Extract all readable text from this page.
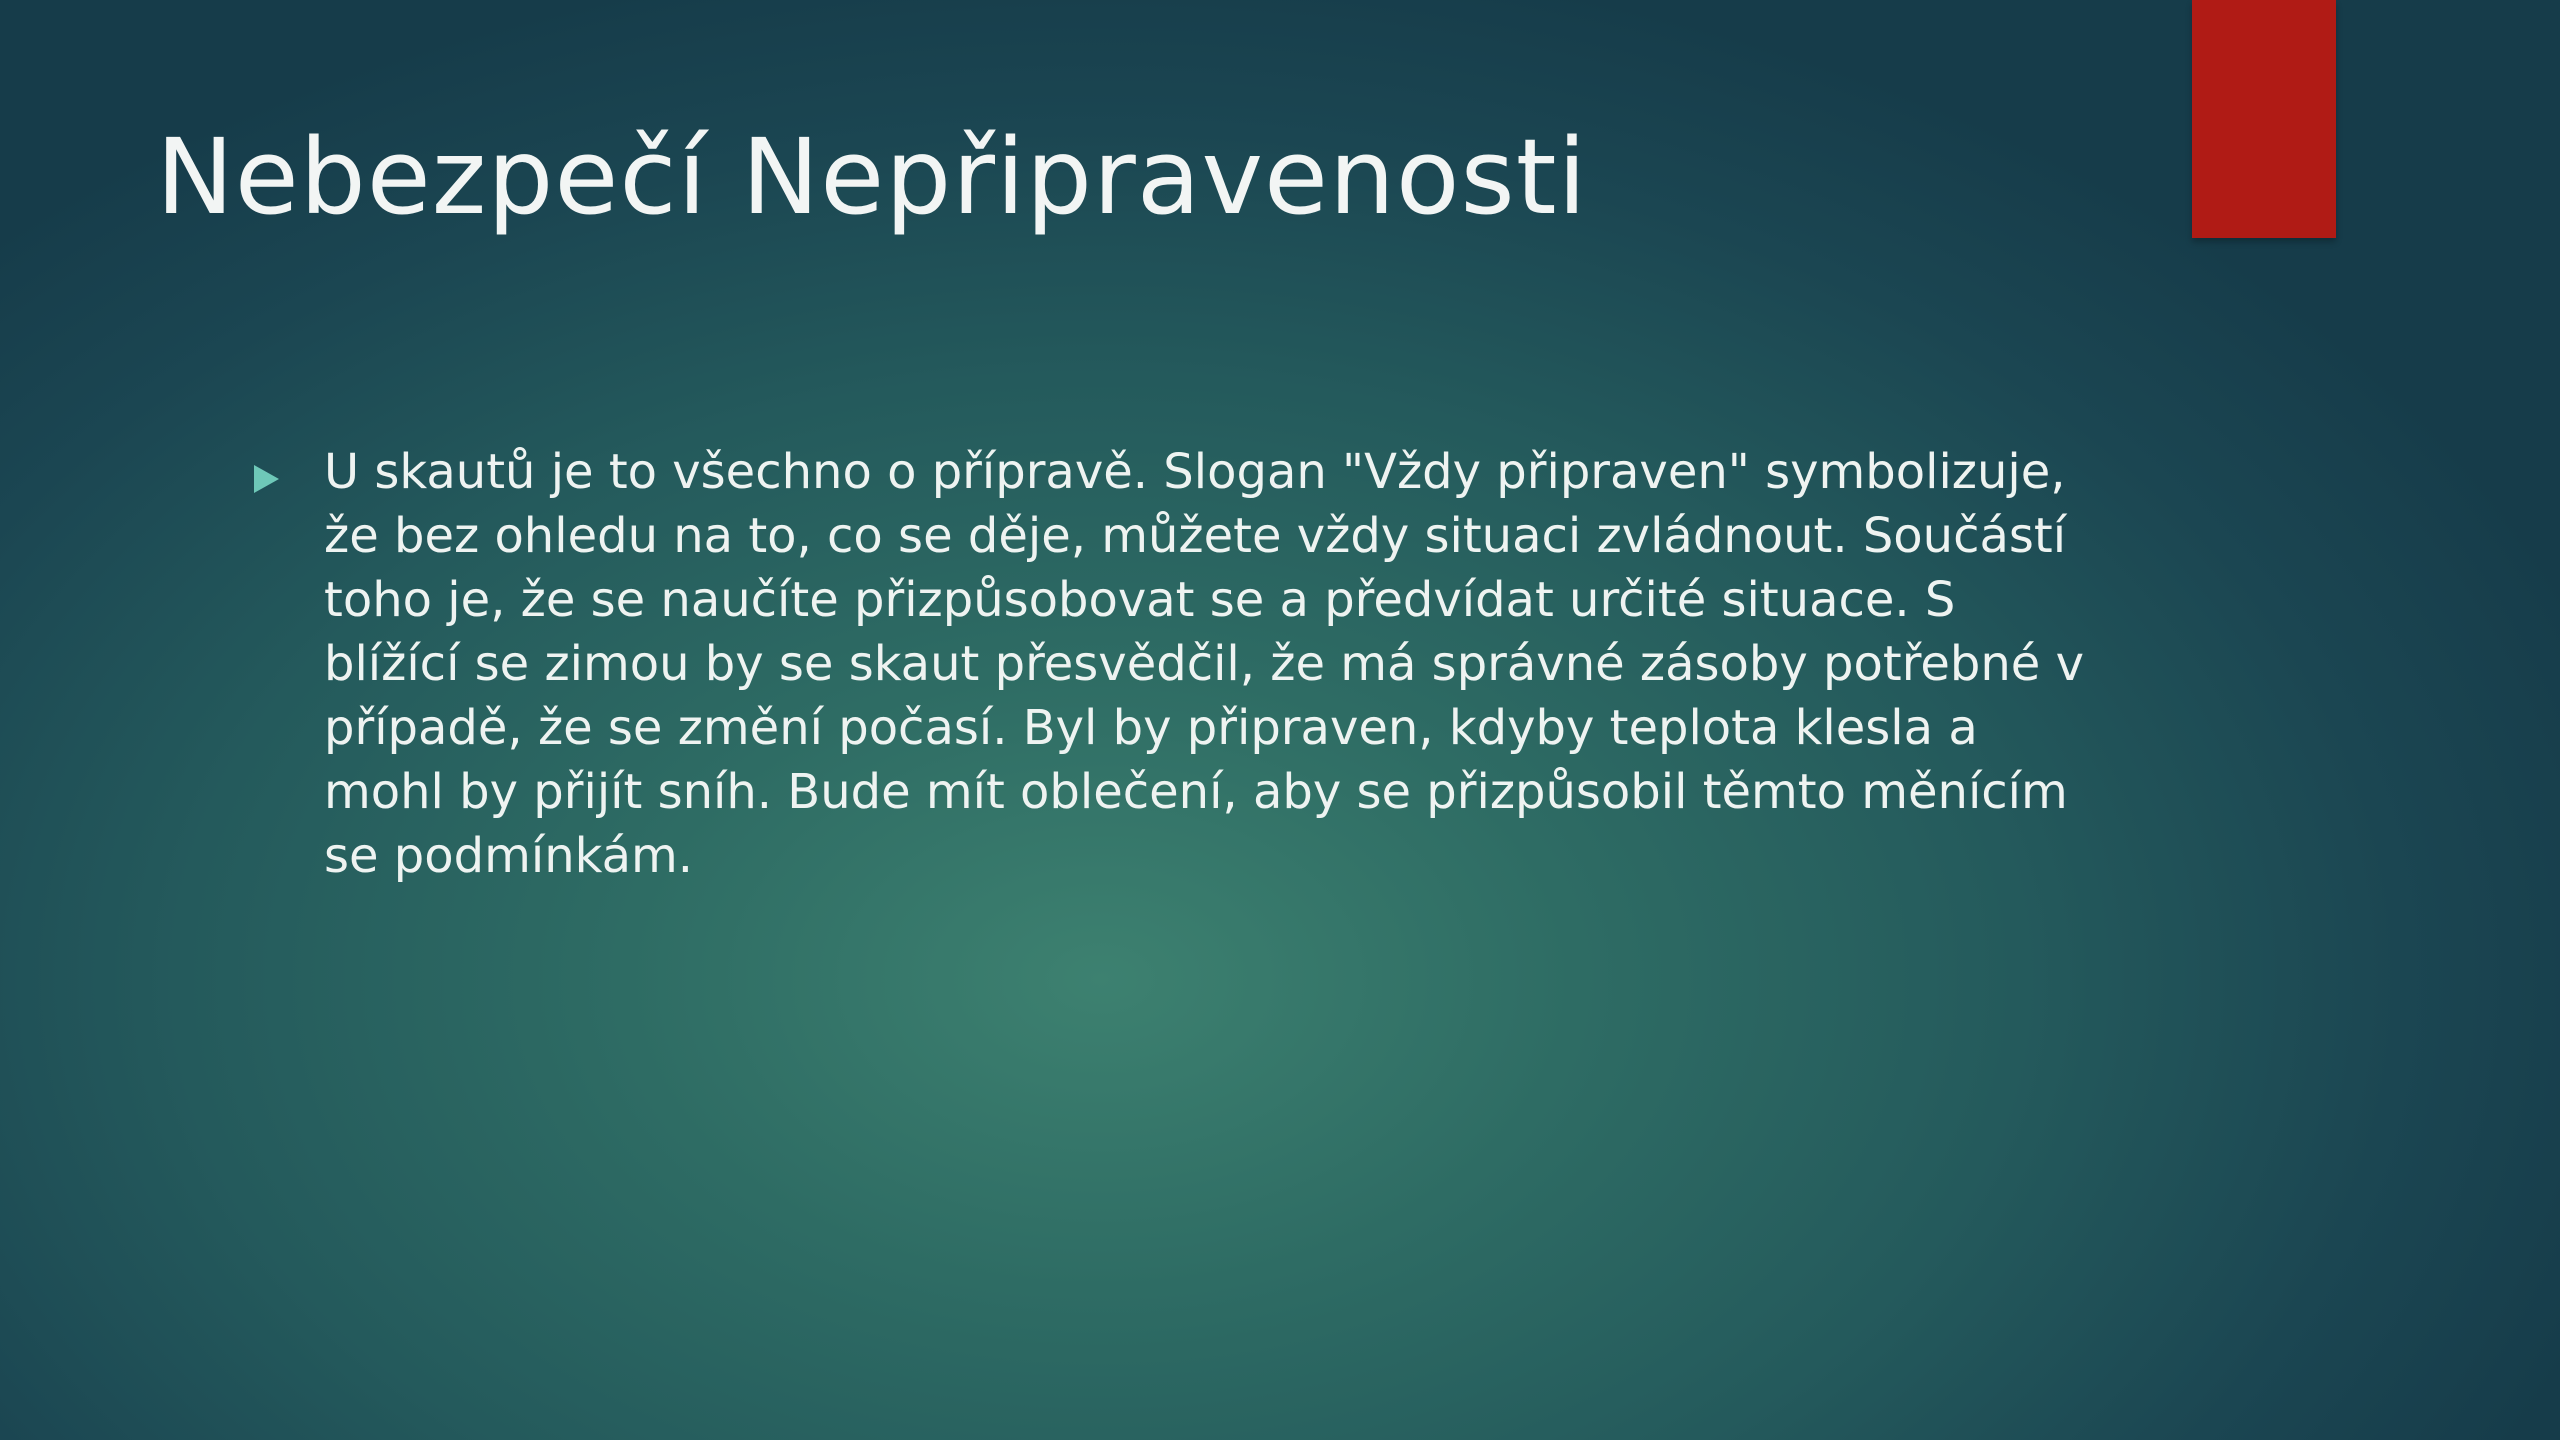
Nebezpečí Nepřipravenosti
U skautů je to všechno o přípravě. Slogan "Vždy připraven" symbolizuje, že bez ohledu na to, co se děje, můžete vždy situaci zvládnout. Součástí toho je, že se naučíte přizpůsobovat se a předvídat určité situace. S blížící se zimou by se skaut přesvědčil, že má správné zásoby potřebné v případě, že se změní počasí. Byl by připraven, kdyby teplota klesla a mohl by přijít sníh. Bude mít oblečení, aby se přizpůsobil těmto měnícím se podmínkám.
